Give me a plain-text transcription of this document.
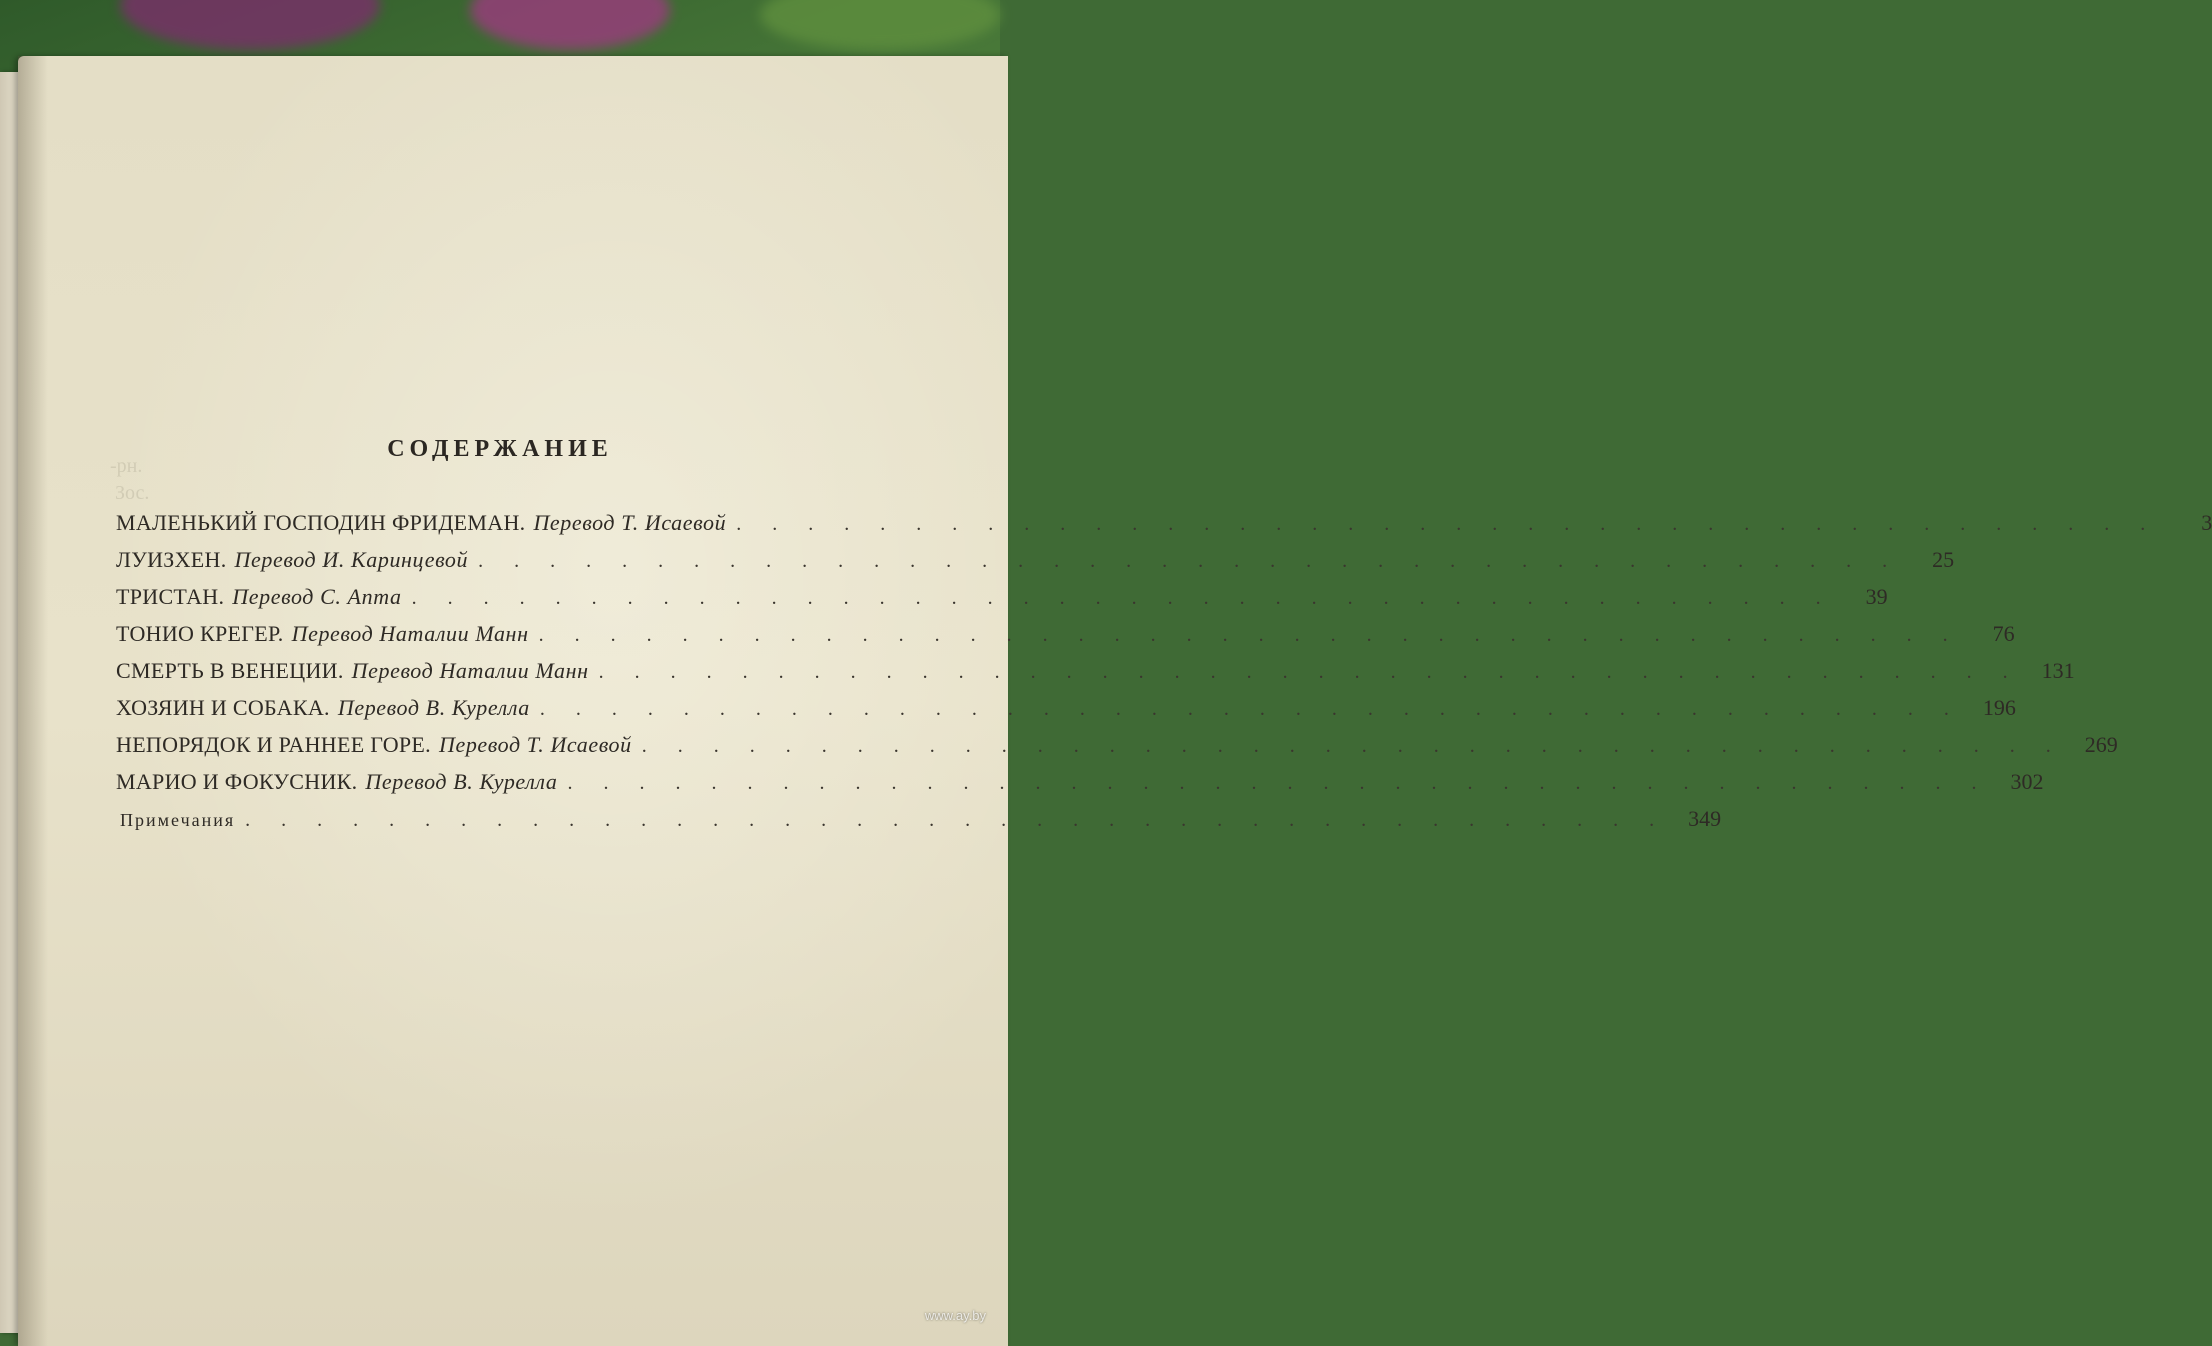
-рн.
Зос.
СОДЕРЖАНИЕ
МАЛЕНЬКИЙ ГОСПОДИН ФРИДЕМАН. Перевод Т. Исаевой . . . . . . . . . . . . . . . . . . . . . . . . . . . . . . . . . . . . . . . .	3
ЛУИЗХЕН. Перевод И. Каринцевой . . . . . . . . . . . . . . . . . . . . . . . . . . . . . . . . . . . . . . . .	25
ТРИСТАН. Перевод С. Апта . . . . . . . . . . . . . . . . . . . . . . . . . . . . . . . . . . . . . . . .	39
ТОНИО КРЕГЕР. Перевод Наталии Манн . . . . . . . . . . . . . . . . . . . . . . . . . . . . . . . . . . . . . . . .	76
СМЕРТЬ В ВЕНЕЦИИ. Перевод Наталии Манн . . . . . . . . . . . . . . . . . . . . . . . . . . . . . . . . . . . . . . . . 131
ХОЗЯИН И СОБАКА. Перевод В. Курелла . . . . . . . . . . . . . . . . . . . . . . . . . . . . . . . . . . . . . . . . 196
НЕПОРЯДОК И РАННЕЕ ГОРЕ. Перевод Т. Исаевой . . . . . . . . . . . . . . . . . . . . . . . . . . . . . . . . . . . . . . . . 269
МАРИО И ФОКУСНИК. Перевод В. Курелла . . . . . . . . . . . . . . . . . . . . . . . . . . . . . . . . . . . . . . . . 302
Примечания . . . . . . . . . . . . . . . . . . . . . . . . . . . . . . . . . . . . . . . . 349
www.ay.by
